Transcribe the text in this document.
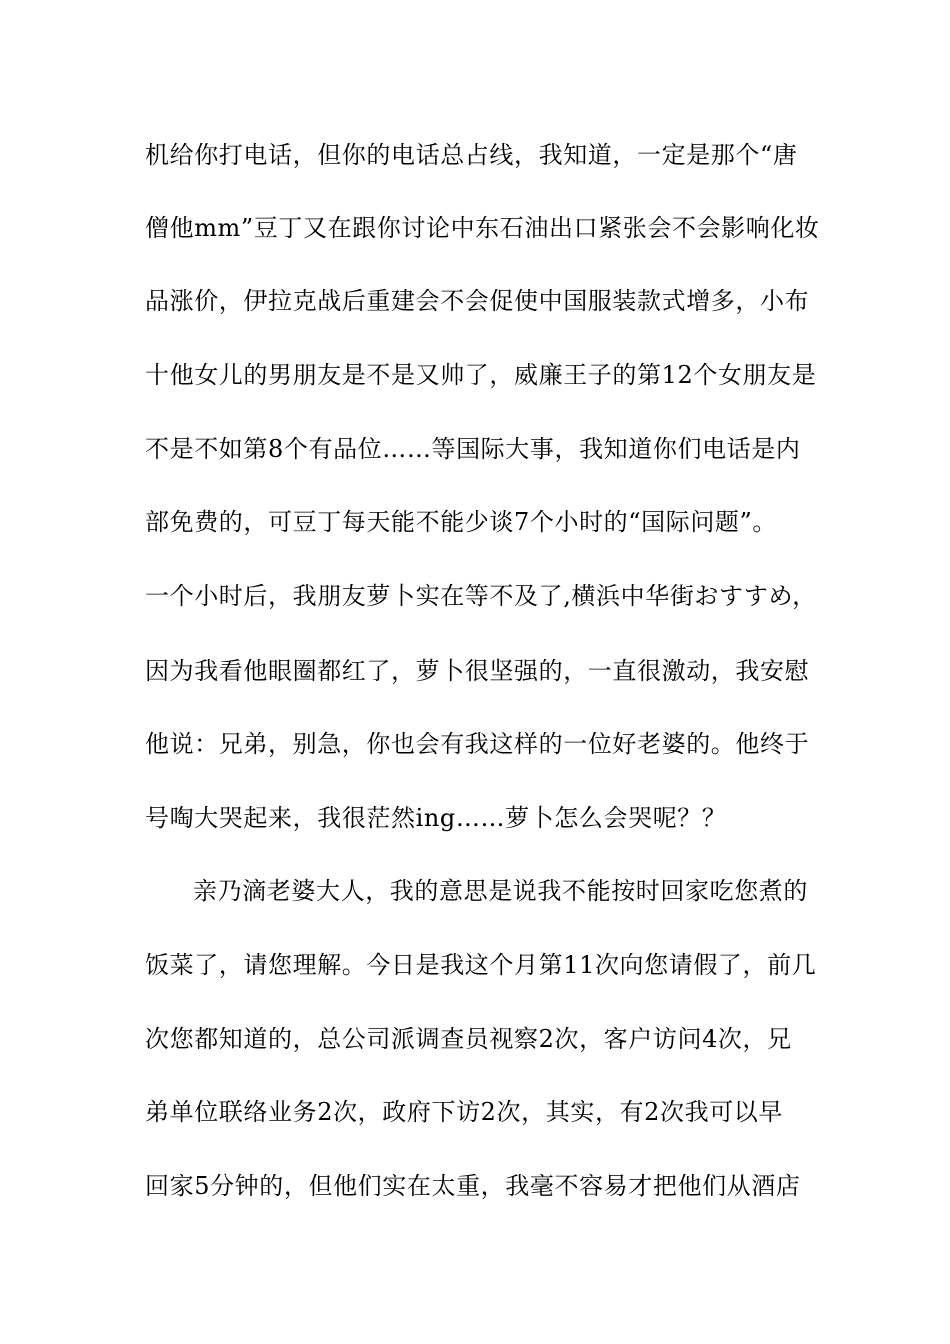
机给你打电话，但你的电话总占线，我知道，一定是那个“唐
僧他mm”豆丁又在跟你讨论中东石油出口紧张会不会影响化妆
品涨价，伊拉克战后重建会不会促使中国服装款式增多，小布
十他女儿的男朋友是不是又帅了，威廉王子的第12个女朋友是
不是不如第8个有品位……等国际大事，我知道你们电话是内
部免费的，可豆丁每天能不能少谈7个小时的“国际问题”。
一个小时后，我朋友萝卜实在等不及了,横浜中华街おすすめ，
因为我看他眼圈都红了，萝卜很坚强的，一直很激动，我安慰
他说：兄弟，别急，你也会有我这样的一位好老婆的。他终于
号啕大哭起来，我很茫然ing……萝卜怎么会哭呢？？
亲乃滴老婆大人，我的意思是说我不能按时回家吃您煮的
饭菜了，请您理解。今日是我这个月第11次向您请假了，前几
次您都知道的，总公司派调查员视察2次，客户访问4次，兄
弟单位联络业务2次，政府下访2次，其实，有2次我可以早
回家5分钟的，但他们实在太重，我毫不容易才把他们从酒店
